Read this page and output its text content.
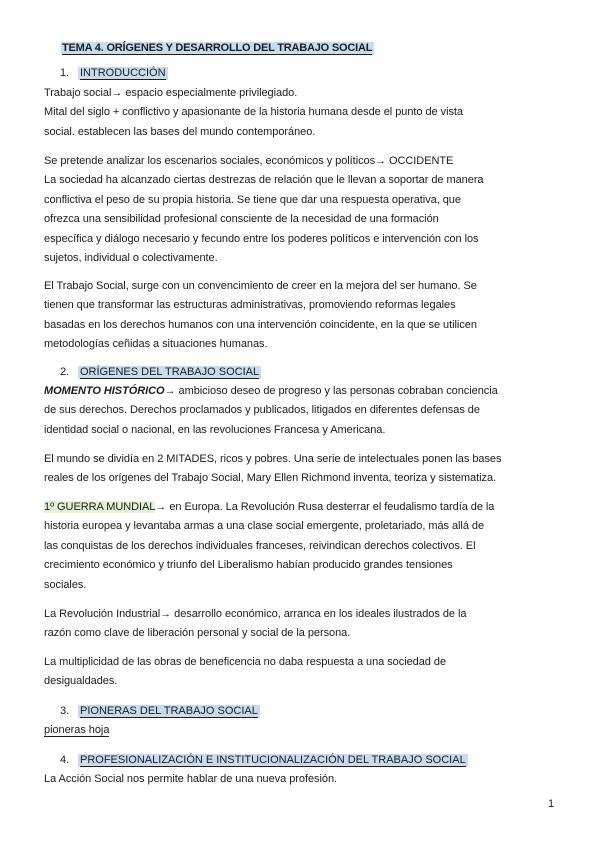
TEMA 4. ORÍGENES Y DESARROLLO DEL TRABAJO SOCIAL
1. INTRODUCCIÓN

Trabajo social→ espacio especialmente privilegiado.
Mital del siglo + conflictivo y apasionante de la historia humana desde el punto de vista
social. establecen las bases del mundo contemporáneo.

Se pretende analizar los escenarios sociales, económicos y políticos→ OCCIDENTE
La sociedad ha alcanzado ciertas destrezas de relación que le llevan a soportar de manera
conflictiva el peso de su propia historia. Se tiene que dar una respuesta operativa, que
ofrezca una sensibilidad profesional consciente de la necesidad de una formación
específica y diálogo necesario y fecundo entre los poderes políticos e intervención con los
sujetos, individual o colectivamente.

El Trabajo Social, surge con un convencimiento de creer en la mejora del ser humano. Se
tienen que transformar las estructuras administrativas, promoviendo reformas legales
basadas en los derechos humanos con una intervención coincidente, en la que se utilicen
metodologías ceñidas a situaciones humanas.

2. ORÍGENES DEL TRABAJO SOCIAL

MOMENTO HISTÓRICO→ ambicioso deseo de progreso y las personas cobraban conciencia
de sus derechos. Derechos proclamados y publicados, litigados en diferentes defensas de
identidad social o nacional, en las revoluciones Francesa y Americana.

El mundo se dividía en 2 MITADES, ricos y pobres. Una serie de intelectuales ponen las bases
reales de los orígenes del Trabajo Social, Mary Ellen Richmond inventa, teoriza y sistematiza.

1º GUERRA MUNDIAL→ en Europa. La Revolución Rusa desterrar el feudalismo tardía de la
historia europea y levantaba armas a una clase social emergente, proletariado, más allá de
las conquistas de los derechos individuales franceses, reivindican derechos colectivos. El
crecimiento económico y triunfo del Liberalismo habían producido grandes tensiones
sociales.

La Revolución Industrial→ desarrollo económico, arranca en los ideales ilustrados de la
razón como clave de liberación personal y social de la persona.

La multiplicidad de las obras de beneficencia no daba respuesta a una sociedad de
desigualdades.

3. PIONERAS DEL TRABAJO SOCIAL

pioneras hoja

4. PROFESIONALIZACIÓN E INSTITUCIONALIZACIÓN DEL TRABAJO SOCIAL

La Acción Social nos permite hablar de una nueva profesión.

1
